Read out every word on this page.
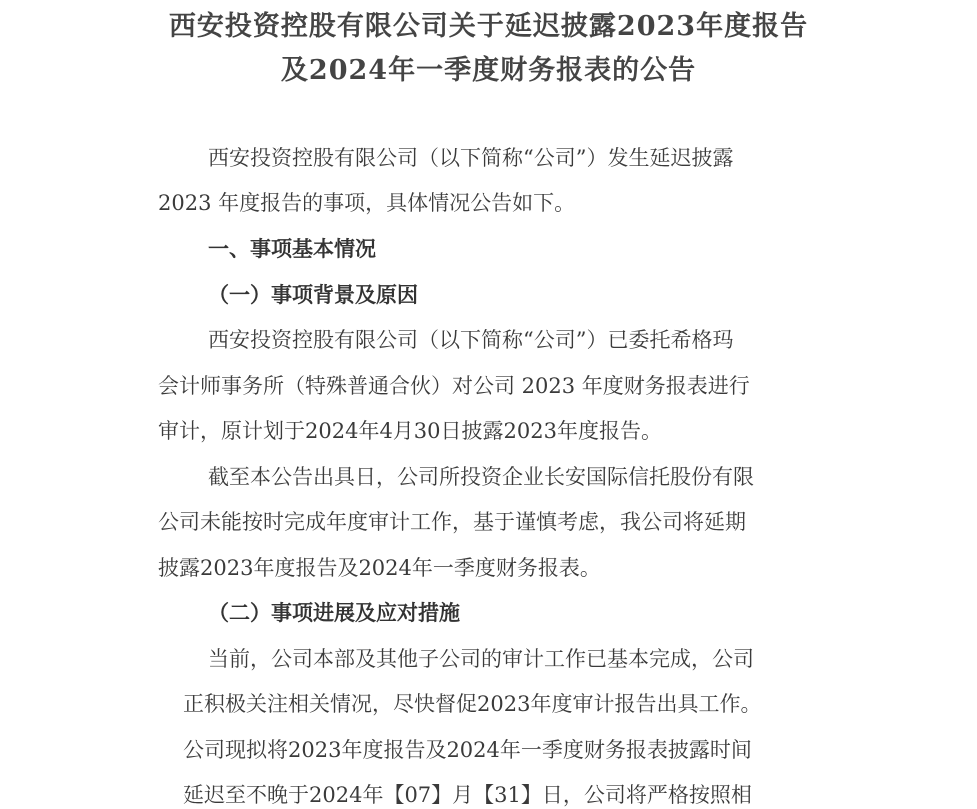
西安投资控股有限公司关于延迟披露2023年度报告
及2024年一季度财务报表的公告
西安投资控股有限公司（以下简称“公司”）发生延迟披露
2023 年度报告的事项，具体情况公告如下。
一、事项基本情况
（一）事项背景及原因
西安投资控股有限公司（以下简称“公司”）已委托希格玛
会计师事务所（特殊普通合伙）对公司 2023 年度财务报表进行
审计，原计划于2024年4月30日披露2023年度报告。
截至本公告出具日，公司所投资企业长安国际信托股份有限
公司未能按时完成年度审计工作，基于谨慎考虑，我公司将延期
披露2023年度报告及2024年一季度财务报表。
（二）事项进展及应对措施
当前，公司本部及其他子公司的审计工作已基本完成，公司
正积极关注相关情况，尽快督促2023年度审计报告出具工作。
公司现拟将2023年度报告及2024年一季度财务报表披露时间
延迟至不晚于2024年【07】月【31】日，公司将严格按照相
